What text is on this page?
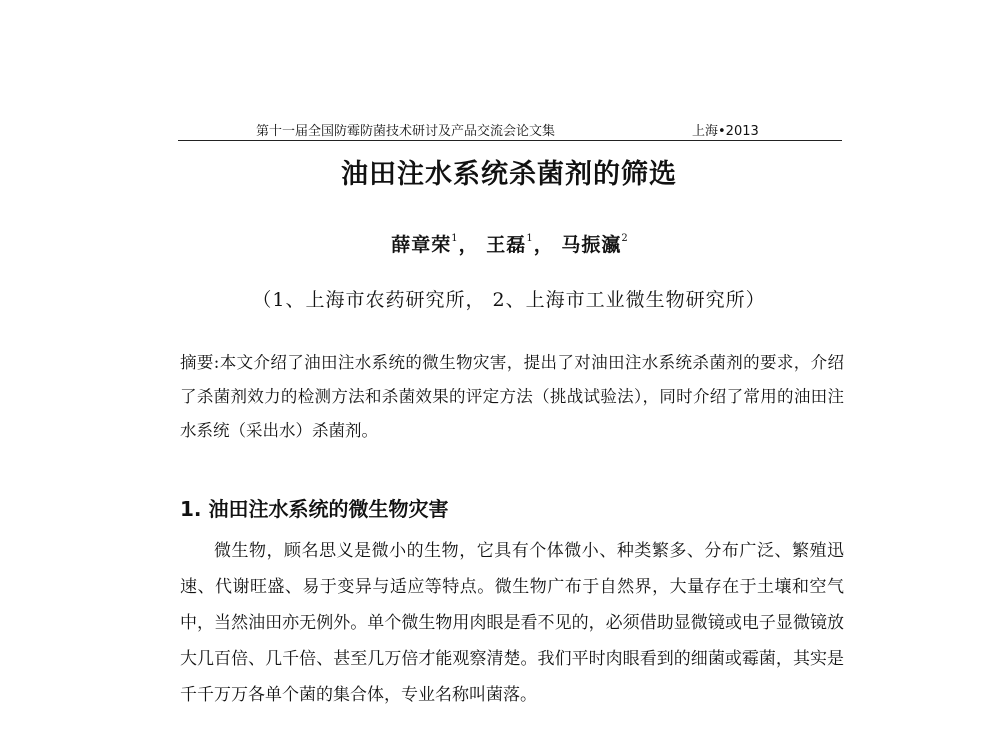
第十一届全国防霉防菌技术研讨及产品交流会论文集	上海•2013
油田注水系统杀菌剂的筛选
薛章荣$^1$， 王磊$^1$， 马振瀛$^2$
（1、上海市农药研究所， 2、上海市工业微生物研究所）
摘要:本文介绍了油田注水系统的微生物灾害，提出了对油田注水系统杀菌剂的要求，介绍了杀菌剂效力的检测方法和杀菌效果的评定方法（挑战试验法），同时介绍了常用的油田注水系统（采出水）杀菌剂。
1. 油田注水系统的微生物灾害
微生物，顾名思义是微小的生物，它具有个体微小、种类繁多、分布广泛、繁殖迅速、代谢旺盛、易于变异与适应等特点。微生物广布于自然界，大量存在于土壤和空气中，当然油田亦无例外。单个微生物用肉眼是看不见的，必须借助显微镜或电子显微镜放大几百倍、几千倍、甚至几万倍才能观察清楚。我们平时肉眼看到的细菌或霉菌，其实是千千万万各单个菌的集合体，专业名称叫菌落。
